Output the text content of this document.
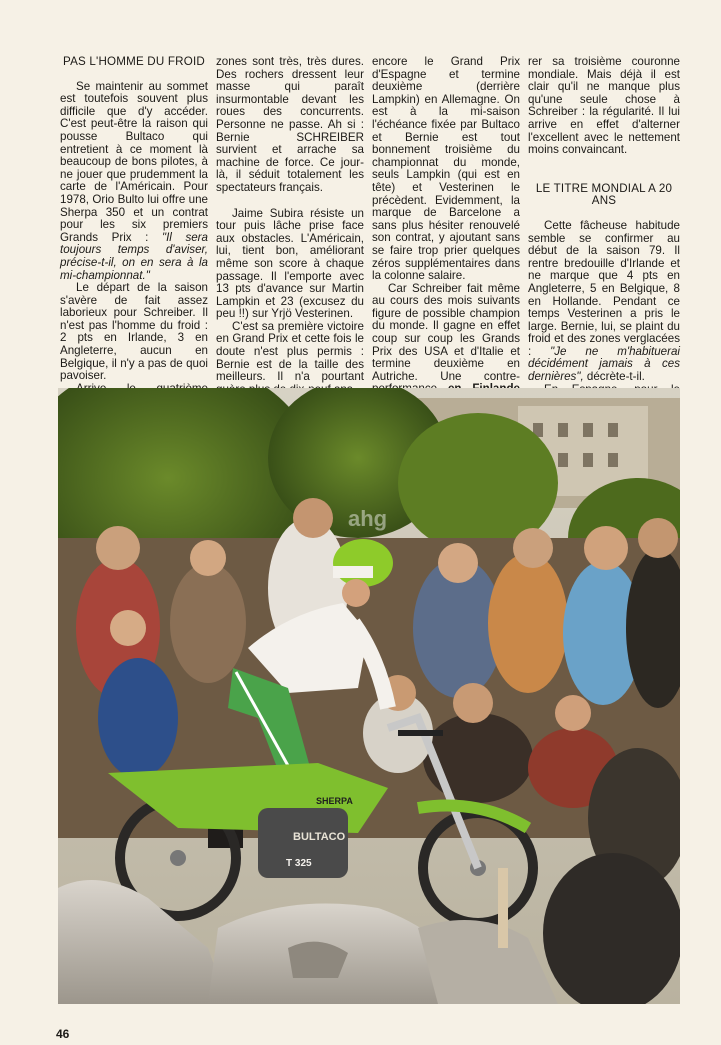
PAS L'HOMME DU FROID

Se maintenir au sommet est toutefois souvent plus difficile que d'y accéder. C'est peut-être la raison qui pousse Bultaco qui entretient à ce moment là beaucoup de bons pilotes, à ne jouer que prudemment la carte de l'Américain. Pour 1978, Orio Bulto lui offre une Sherpa 350 et un contrat pour les six premiers Grands Prix : "Il sera toujours temps d'aviser, précise-t-il, on en sera à la mi-championnat."

Le départ de la saison s'avère de fait assez laborieux pour Schreiber. Il n'est pas l'homme du froid : 2 pts en Irlande, 3 en Angleterre, aucun en Belgique, il n'y a pas de quoi pavoiser.

zones sont très, très dures. Des rochers dressent leur masse qui paraît insurmontable devant les roues des concurrents. Personne ne passe. Ah si : Bernie SCHREIBER survient et arrache sa machine de force. Ce jour-là, il séduit totalement les spectateurs français.

Jaime Subira résiste un tour puis lâche prise face aux obstacles. L'Américain, lui, tient bon, améliorant même son score à chaque passage. Il l'emporte avec 13 pts d'avance sur Martin Lampkin et 23 (excusez du peu !!) sur Yrjö Vesterinen.

C'est sa première victoire en Grand Prix et cette fois le doute n'est plus permis : Bernie est de la taille des meilleurs. Il n'a pourtant

encore le Grand Prix d'Espagne et termine deuxième (derrière Lampkin) en Allemagne. On est à la mi-saison l'échéance fixée par Bultaco et Bernie est tout bonnement troisième du championnat du monde, seuls Lampkin (qui est en tête) et Vesterinen le précèdent. Evidemment, la marque de Barcelone a sans plus hésiter renouvelé son contrat, y ajoutant sans se faire trop prier quelques zéros supplémentaires dans la colonne salaire.

Car Schreiber fait même au cours des mois suivants figure de possible champion du monde. Il gagne en effet coup sur coup les Grands Prix des USA et d'Italie et termine deuxième en Autriche. Une contre-

rer sa troisième couronne mondiale. Mais déjà il est clair qu'il ne manque plus qu'une seule chose à Schreiber : la régularité. Il lui arrive en effet d'alterner l'excellent avec le nettement moins convaincant.

LE TITRE MONDIAL A 20 ANS

Cette fâcheuse habitude semble se confirmer au début de la saison 79. Il rentre bredouille d'Irlande et ne marque que 4 pts en Angleterre, 5 en Belgique, 8 en Hollande. Pendant ce temps Vesterinen a pris le large. Bernie, lui, se plaint du froid et des zones verglacées : "Je ne m'habituerai décidément jamais à ces dernières", décrète-t-il.

BULTACO
SHERPA
T 325
ahg
46
